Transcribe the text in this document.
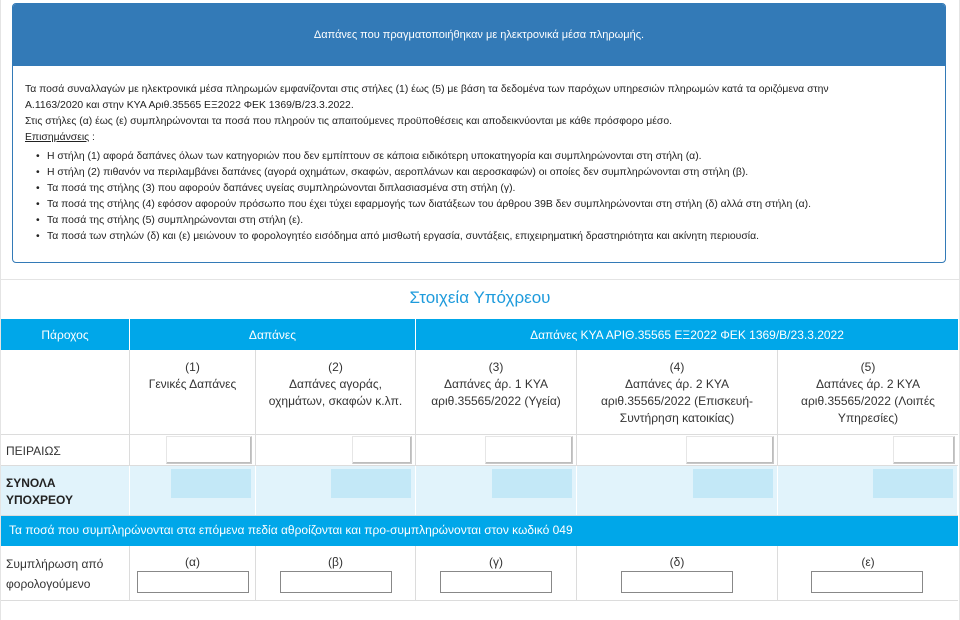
Δαπάνες που πραγματοποιήθηκαν με ηλεκτρονικά μέσα πληρωμής.

Τα ποσά συναλλαγών με ηλεκτρονικά μέσα πληρωμών εμφανίζονται στις στήλες (1) έως (5) με βάση τα δεδομένα των παρόχων υπηρεσιών πληρωμών κατά τα οριζόμενα στην

Α.1163/2020 και στην ΚΥΑ Αριθ.35565 ΕΞ2022 ΦΕΚ 1369/Β/23.3.2022.

Στις στήλες (α) έως (ε) συμπληρώνονται τα ποσά που πληρούν τις απαιτούμενες προϋποθέσεις και αποδεικνύονται με κάθε πρόσφορο μέσο.

Επισημάνσεις :

• Η στήλη (1) αφορά δαπάνες όλων των κατηγοριών που δεν εμπίπτουν σε κάποια ειδικότερη υποκατηγορία και συμπληρώνονται στη στήλη (α).
• Η στήλη (2) πιθανόν να περιλαμβάνει δαπάνες (αγορά οχημάτων, σκαφών, αεροπλάνων και αεροσκαφών) οι οποίες δεν συμπληρώνονται στη στήλη (β).
• Τα ποσά της στήλης (3) που αφορούν δαπάνες υγείας συμπληρώνονται διπλασιασμένα στη στήλη (γ).
• Τα ποσά της στήλης (4) εφόσον αφορούν πρόσωπο που έχει τύχει εφαρμογής των διατάξεων του άρθρου 39Β δεν συμπληρώνονται στη στήλη (δ) αλλά στη στήλη (α).
• Τα ποσά της στήλης (5) συμπληρώνονται στη στήλη (ε).
• Τα ποσά των στηλών (δ) και (ε) μειώνουν το φορολογητέο εισόδημα από μισθωτή εργασία, συντάξεις, επιχειρηματική δραστηριότητα και ακίνητη περιουσία.
Στοιχεία Υπόχρεου
Πάροχος	Δαπάνες	Δαπάνες ΚΥΑ ΑΡΙΘ.35565 ΕΞ2022 ΦΕΚ 1369/Β/23.3.2022
(1)
Γενικές Δαπάνες
(2)
Δαπάνες αγοράς,
οχημάτων, σκαφών κ.λπ.
(3)
Δαπάνες άρ. 1 ΚΥΑ
αριθ.35565/2022 (Υγεία)
(4)
Δαπάνες άρ. 2 ΚΥΑ
αριθ.35565/2022 (Επισκευή-
Συντήρηση κατοικίας)
(5)
Δαπάνες άρ. 2 ΚΥΑ
αριθ.35565/2022 (Λοιπές
Υπηρεσίες)
ΠΕΙΡΑΙΩΣ
ΣΥΝΟΛΑ
ΥΠΟΧΡΕΟΥ
Τα ποσά που συμπληρώνονται στα επόμενα πεδία αθροίζονται και προ-συμπληρώνονται στον κωδικό 049
Συμπλήρωση από
φορολογούμενο
(α)	(β)	(γ)	(δ)	(ε)
